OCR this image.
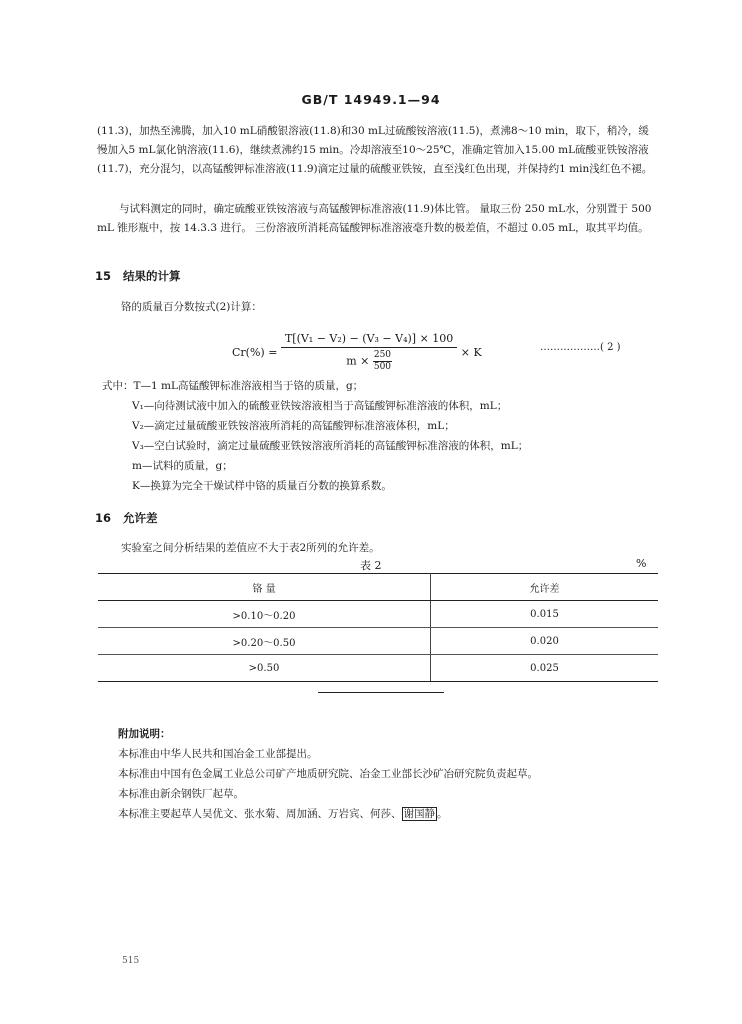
GB/T 14949.1—94
(11.3)，加热至沸腾，加入10 mL硝酸银溶液(11.8)和30 mL过硫酸铵溶液(11.5)，煮沸8～10 min，取下，稍冷，缓慢加入5 mL氯化钠溶液(11.6)，继续煮沸约15 min。冷却溶液至10～25℃，准确定管加入15.00 mL硫酸亚铁铵溶液(11.7)，充分混匀，以高锰酸钾标准溶液(11.9)滴定过量的硫酸亚铁铵，直至浅红色出现，并保持约1 min浅红色不褪。
与试料测定的同时，确定硫酸亚铁铵溶液与高锰酸钾标准溶液(11.9)体比管。 量取三份 250 mL水，分别置于 500 mL 锥形瓶中，按 14.3.3 进行。 三份溶液所消耗高锰酸钾标准溶液毫升数的极差值，不超过 0.05 mL，取其平均值。
15 结果的计算
铬的质量百分数按式(2)计算：
$Cr(\%) = \frac{\text{T[(V₁ − V₂) − (V₃ − V₄)] × 100}}{m \times \frac{250}{500}} \times K$	………………( 2 )
式中：T—1 mL高锰酸钾标准溶液相当于铬的质量，g；
V₁—向待测试液中加入的硫酸亚铁铵溶液相当于高锰酸钾标准溶液的体积，mL；
V₂—滴定过量硫酸亚铁铵溶液所消耗的高锰酸钾标准溶液体积，mL；
V₃—空白试验时，滴定过量硫酸亚铁铵溶液所消耗的高锰酸钾标准溶液的体积，mL；
m—试料的质量，g；
K—换算为完全干燥试样中铬的质量百分数的换算系数。
16 允许差
实验室之间分析结果的差值应不大于表2所列的允许差。
表 2	%
铬 量	允许差
>0.10～0.20	0.015
>0.20～0.50	0.020
>0.50	0.025
附加说明：
本标准由中华人民共和国冶金工业部提出。
本标准由中国有色金属工业总公司矿产地质研究院、冶金工业部长沙矿冶研究院负责起草。
本标准由新余钢铁厂起草。
本标准主要起草人吴优文、张水菊、周加涵、万岩宾、何莎、 谢国静 。
515
